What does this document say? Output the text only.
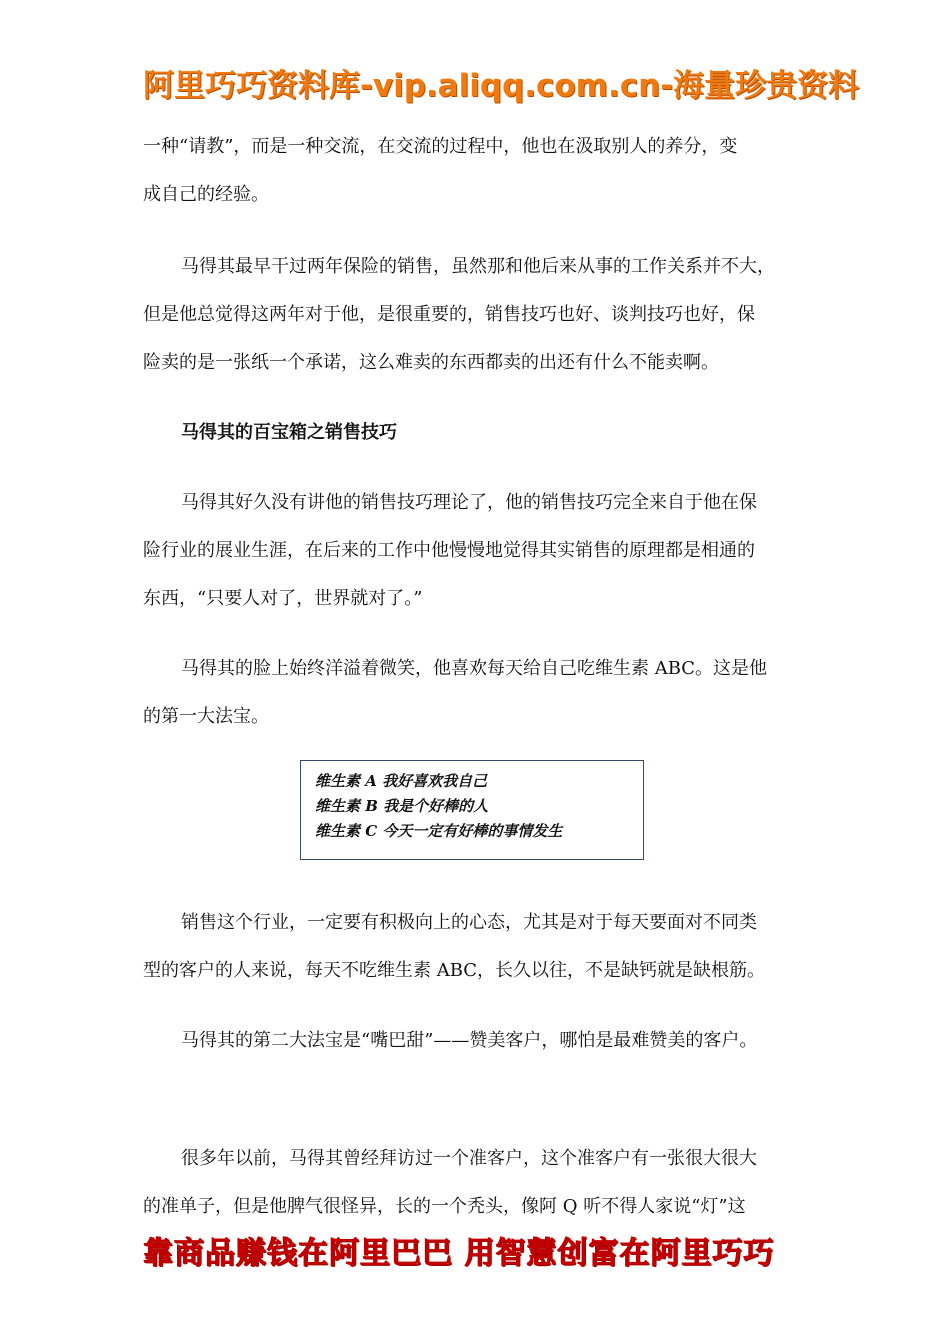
阿里巧巧资料库-vip.aliqq.com.cn-海量珍贵资料

一种“请教”，而是一种交流，在交流的过程中，他也在汲取别人的养分，变

成自己的经验。

马得其最早干过两年保险的销售，虽然那和他后来从事的工作关系并不大，

但是他总觉得这两年对于他，是很重要的，销售技巧也好、谈判技巧也好，保

险卖的是一张纸一个承诺，这么难卖的东西都卖的出还有什么不能卖啊。

马得其的百宝箱之销售技巧

马得其好久没有讲他的销售技巧理论了，他的销售技巧完全来自于他在保

险行业的展业生涯，在后来的工作中他慢慢地觉得其实销售的原理都是相通的

东西，“只要人对了，世界就对了。”

马得其的脸上始终洋溢着微笑，他喜欢每天给自己吃维生素 ABC。这是他

的第一大法宝。

销售这个行业，一定要有积极向上的心态，尤其是对于每天要面对不同类

型的客户的人来说，每天不吃维生素 ABC，长久以往，不是缺钙就是缺根筋。

马得其的第二大法宝是“嘴巴甜”——赞美客户，哪怕是最难赞美的客户。

很多年以前，马得其曾经拜访过一个准客户，这个准客户有一张很大很大

的准单子，但是他脾气很怪异，长的一个秃头，像阿 Q 听不得人家说“灯”这

维生素 A 我好喜欢我自己
维生素 B 我是个好棒的人
维生素 C 今天一定有好棒的事情发生
靠商品赚钱在阿里巴巴 用智慧创富在阿里巧巧
